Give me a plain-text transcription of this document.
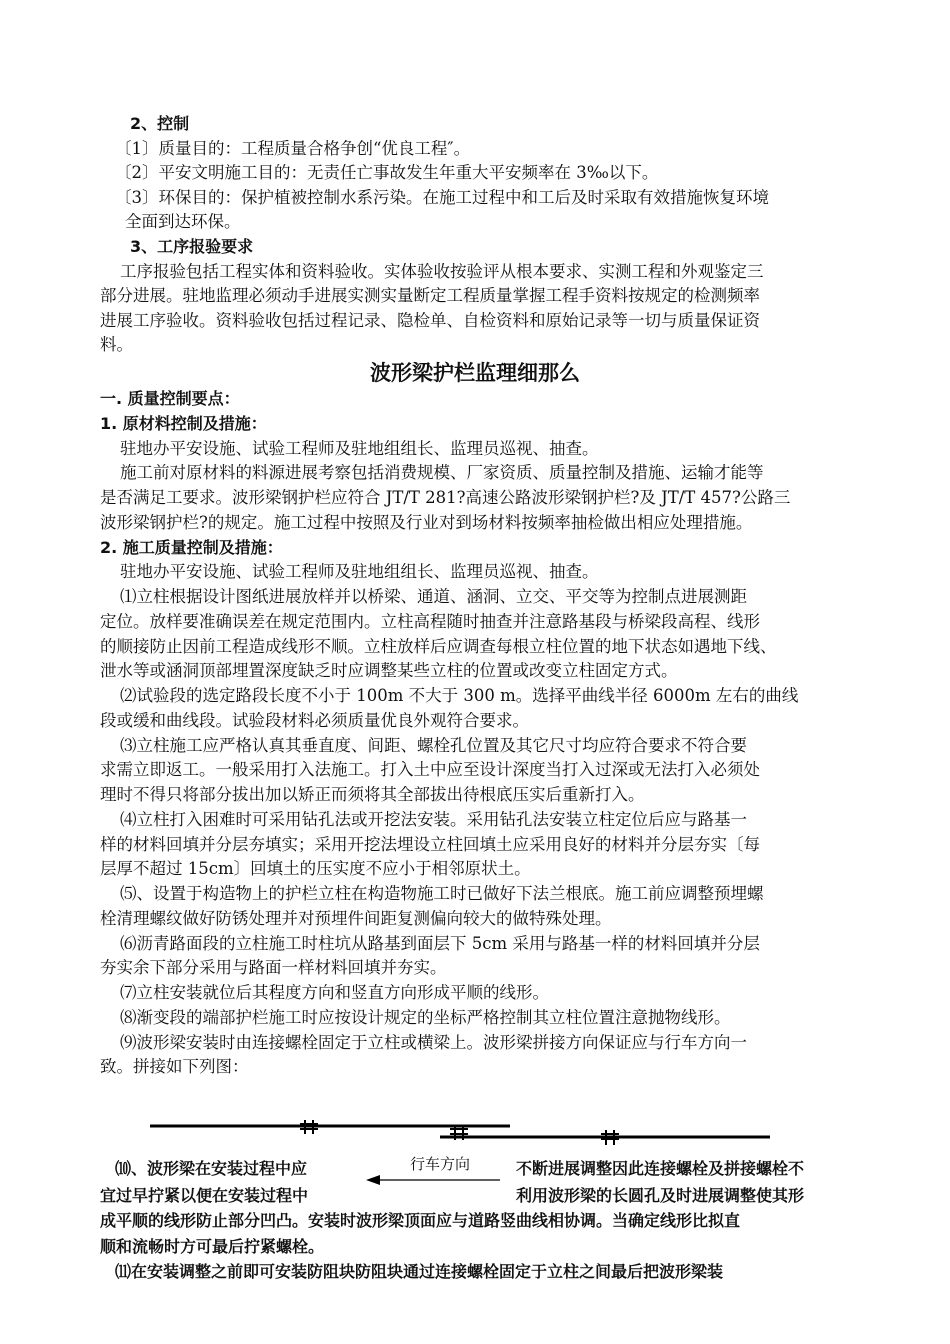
2、控制
〔1〕质量目的：工程质量合格争创“优良工程″。
〔2〕平安文明施工目的：无责任亡事故发生年重大平安频率在 3‰以下。
〔3〕环保目的：保护植被控制水系污染。在施工过程中和工后及时采取有效措施恢复环境
全面到达环保。
3、工序报验要求
工序报验包括工程实体和资料验收。实体验收按验评从根本要求、实测工程和外观鉴定三
部分进展。驻地监理必须动手进展实测实量断定工程质量掌握工程手资料按规定的检测频率
进展工序验收。资料验收包括过程记录、隐检单、自检资料和原始记录等一切与质量保证资
料。
波形梁护栏监理细那么
一. 质量控制要点：
1. 原材料控制及措施：
驻地办平安设施、试验工程师及驻地组组长、监理员巡视、抽查。
施工前对原材料的料源进展考察包括消费规模、厂家资质、质量控制及措施、运输才能等
是否满足工要求。波形梁钢护栏应符合 JT/T 281?高速公路波形梁钢护栏?及 JT/T 457?公路三
波形梁钢护栏?的规定。施工过程中按照及行业对到场材料按频率抽检做出相应处理措施。
2. 施工质量控制及措施：
驻地办平安设施、试验工程师及驻地组组长、监理员巡视、抽查。
⑴立柱根据设计图纸进展放样并以桥梁、通道、涵洞、立交、平交等为控制点进展测距
定位。放样要准确误差在规定范围内。立柱高程随时抽查并注意路基段与桥梁段高程、线形
的顺接防止因前工程造成线形不顺。立柱放样后应调查每根立柱位置的地下状态如遇地下线、
泄水等或涵洞顶部埋置深度缺乏时应调整某些立柱的位置或改变立柱固定方式。
⑵试验段的选定路段长度不小于 100m 不大于 300 m。选择平曲线半径 6000m 左右的曲线
段或缓和曲线段。试验段材料必须质量优良外观符合要求。
⑶立柱施工应严格认真其垂直度、间距、螺栓孔位置及其它尺寸均应符合要求不符合要
求需立即返工。一般采用打入法施工。打入土中应至设计深度当打入过深或无法打入必须处
理时不得只将部分拔出加以矫正而须将其全部拔出待根底压实后重新打入。
⑷立柱打入困难时可采用钻孔法或开挖法安装。采用钻孔法安装立柱定位后应与路基一
样的材料回填并分层夯填实；采用开挖法埋设立柱回填土应采用良好的材料并分层夯实〔每
层厚不超过 15cm〕回填土的压实度不应小于相邻原状土。
⑸、设置于构造物上的护栏立柱在构造物施工时已做好下法兰根底。施工前应调整预埋螺
栓清理螺纹做好防锈处理并对预埋件间距复测偏向较大的做特殊处理。
⑹沥青路面段的立柱施工时柱坑从路基到面层下 5cm 采用与路基一样的材料回填并分层
夯实余下部分采用与路面一样材料回填并夯实。
⑺立柱安装就位后其程度方向和竖直方向形成平顺的线形。
⑻渐变段的端部护栏施工时应按设计规定的坐标严格控制其立柱位置注意抛物线形。
⑼波形梁安装时由连接螺栓固定于立柱或横梁上。波形梁拼接方向保证应与行车方向一
致。拼接如下列图：
行车方向
⑽、波形梁在安装过程中应
宜过早拧紧以便在安装过程中
不断进展调整因此连接螺栓及拼接螺栓不
利用波形梁的长圆孔及时进展调整使其形
成平顺的线形防止部分凹凸。安装时波形梁顶面应与道路竖曲线相协调。当确定线形比拟直
顺和流畅时方可最后拧紧螺栓。
⑾在安装调整之前即可安装防阻块防阻块通过连接螺栓固定于立柱之间最后把波形梁装
